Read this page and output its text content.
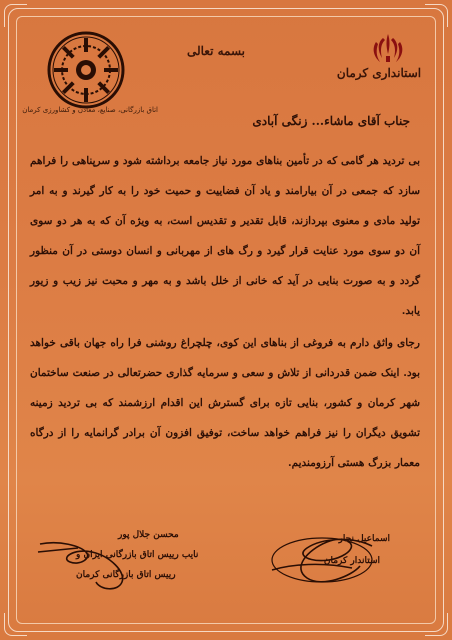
اتاق بازرگانی، صنایع، معادن و کشاورزی کرمان
استانداری کرمان
بسمه تعالی
جناب آقای ماشاء... زنگی آبادی

بی تردید هر گامی که در تأمین بناهای مورد نیاز جامعه برداشته شود و سرپناهی را فراهم سازد که جمعی در آن بیارامند و یاد آن فضاییت و حمیت خود را به کار گیرند و به امر تولید مادی و معنوی بپردازند، قابل تقدیر و تقدیس است، به ویژه آن که به هر دو سوی آن دو سوی مورد عنایت قرار گیرد و رگ های از مهربانی و انسان دوستی در آن منظور گردد و به صورت بنایی در آید که خانی از خلل باشد و به مهر و محبت نیز زیب و زیور یابد.

رجای واثق دارم به فروغی از بناهای این کوی، چلچراغ روشنی فرا راه جهان باقی خواهد بود. اینک ضمن قدردانی از تلاش و سعی و سرمایه گذاری حضرتعالی در صنعت ساختمان شهر کرمان و کشور، بنایی تازه برای گسترش این اقدام ارزشمند که بی تردید زمینه تشویق دیگران را نیز فراهم خواهد ساخت، توفیق افزون آن برادر گرانمایه را از درگاه معمار بزرگ هستی آرزومندیم.

اسماعیل نجار
استاندار کرمان
محسن جلال پور
نایب رییس اتاق بازرگانی ایران و
رییس اتاق بازرگانی کرمان
